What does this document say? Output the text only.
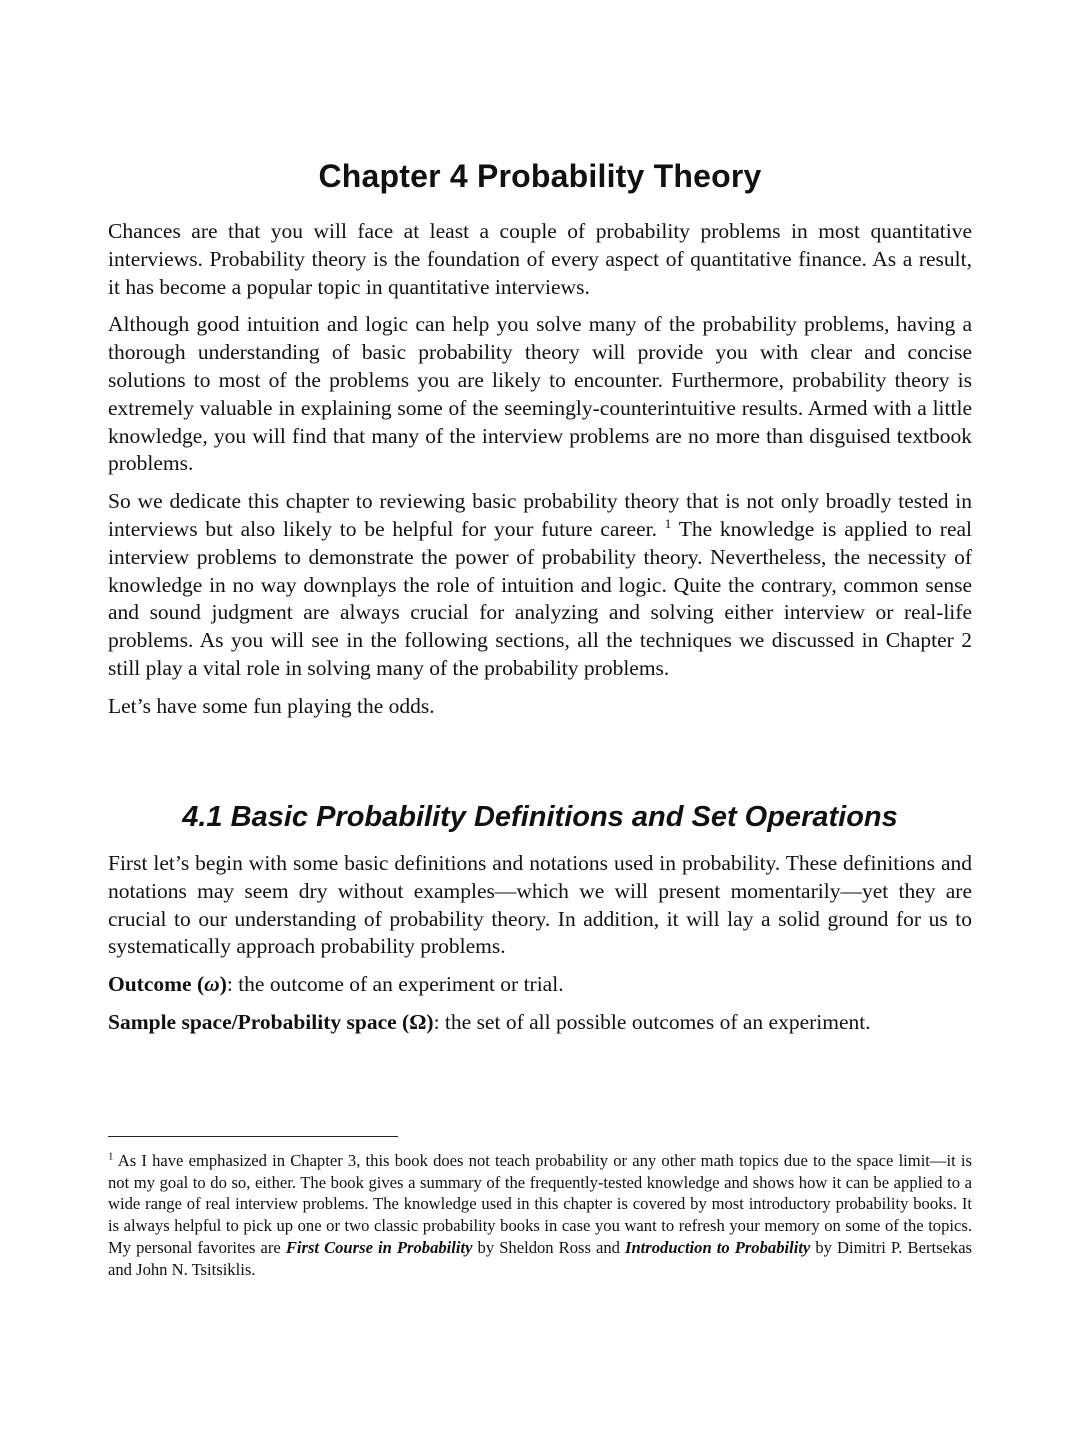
Chapter 4 Probability Theory

Chances are that you will face at least a couple of probability problems in most quantitative interviews. Probability theory is the foundation of every aspect of quantitative finance. As a result, it has become a popular topic in quantitative interviews.

Although good intuition and logic can help you solve many of the probability problems, having a thorough understanding of basic probability theory will provide you with clear and concise solutions to most of the problems you are likely to encounter. Furthermore, probability theory is extremely valuable in explaining some of the seemingly-counterintuitive results. Armed with a little knowledge, you will find that many of the interview problems are no more than disguised textbook problems.

So we dedicate this chapter to reviewing basic probability theory that is not only broadly tested in interviews but also likely to be helpful for your future career. $^1$ The knowledge is applied to real interview problems to demonstrate the power of probability theory. Nevertheless, the necessity of knowledge in no way downplays the role of intuition and logic. Quite the contrary, common sense and sound judgment are always crucial for analyzing and solving either interview or real-life problems. As you will see in the following sections, all the techniques we discussed in Chapter 2 still play a vital role in solving many of the probability problems.

Let’s have some fun playing the odds.

4.1 Basic Probability Definitions and Set Operations

First let’s begin with some basic definitions and notations used in probability. These definitions and notations may seem dry without examples—which we will present momentarily—yet they are crucial to our understanding of probability theory. In addition, it will lay a solid ground for us to systematically approach probability problems.

Outcome (ω): the outcome of an experiment or trial.

Sample space/Probability space (Ω): the set of all possible outcomes of an experiment.

$^1$ As I have emphasized in Chapter 3, this book does not teach probability or any other math topics due to the space limit—it is not my goal to do so, either. The book gives a summary of the frequently-tested knowledge and shows how it can be applied to a wide range of real interview problems. The knowledge used in this chapter is covered by most introductory probability books. It is always helpful to pick up one or two classic probability books in case you want to refresh your memory on some of the topics. My personal favorites are First Course in Probability by Sheldon Ross and Introduction to Probability by Dimitri P. Bertsekas and John N. Tsitsiklis.
